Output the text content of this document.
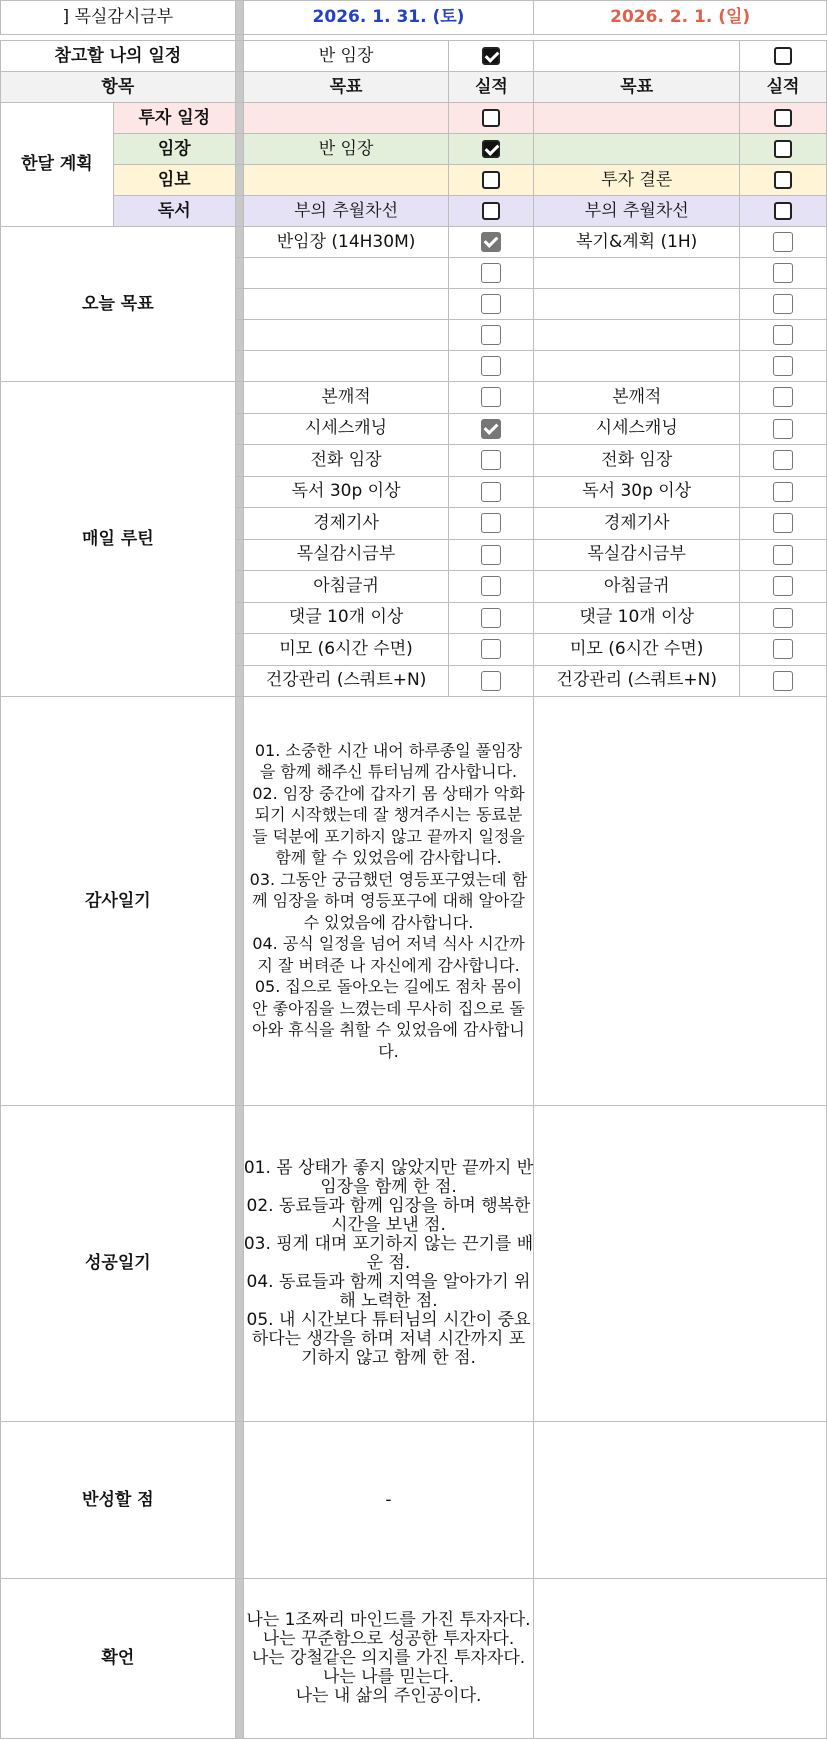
] 목실감시금부			2026. 1. 31. (토)		2026. 2. 1. (일)	

참고할 나의 일정			반 임장			
항목			목표	실적	목표	실적
한달 계획	투자 일정					
	임장		반 임장			
	임보				투자 결론	
	독서		부의 추월차선		부의 추월차선	
오늘 목표			반임장 (14H30M)		복기&계획 (1H)	

매일 루틴			본깨적		본깨적	
			시세스캐닝		시세스캐닝	
			전화 임장		전화 임장	
			독서 30p 이상		독서 30p 이상	
			경제기사		경제기사	
			목실감시금부		목실감시금부	
			아침글귀		아침글귀	
			댓글 10개 이상		댓글 10개 이상	
			미모 (6시간 수면)		미모 (6시간 수면)	
			건강관리 (스쿼트+N)		건강관리 (스쿼트+N)	
감사일기			01. 소중한 시간 내어 하루종일 풀임장을 함께 해주신 튜터님께 감사합니다.
02. 임장 중간에 갑자기 몸 상태가 악화되기 시작했는데 잘 챙겨주시는 동료분들 덕분에 포기하지 않고 끝까지 일정을 함께 할 수 있었음에 감사합니다.
03. 그동안 궁금했던 영등포구였는데 함께 임장을 하며 영등포구에 대해 알아갈 수 있었음에 감사합니다.
04. 공식 일정을 넘어 저녁 식사 시간까지 잘 버텨준 나 자신에게 감사합니다.
05. 집으로 돌아오는 길에도 점차 몸이 안 좋아짐을 느꼈는데 무사히 집으로 돌아와 휴식을 취할 수 있었음에 감사합니다.			

성공일기			01. 몸 상태가 좋지 않았지만 끝까지 반임장을 함께 한 점.
02. 동료들과 함께 임장을 하며 행복한 시간을 보낸 점.
03. 핑게 대며 포기하지 않는 끈기를 배운 점.
04. 동료들과 함께 지역을 알아가기 위해 노력한 점.
05. 내 시간보다 튜터님의 시간이 중요하다는 생각을 하며 저녁 시간까지 포기하지 않고 함께 한 점.			
반성할 점			-			
확언			나는 1조짜리 마인드를 가진 투자자다.
나는 꾸준함으로 성공한 투자자다.
나는 강철같은 의지를 가진 투자자다.
나는 나를 믿는다.
나는 내 삶의 주인공이다.			
